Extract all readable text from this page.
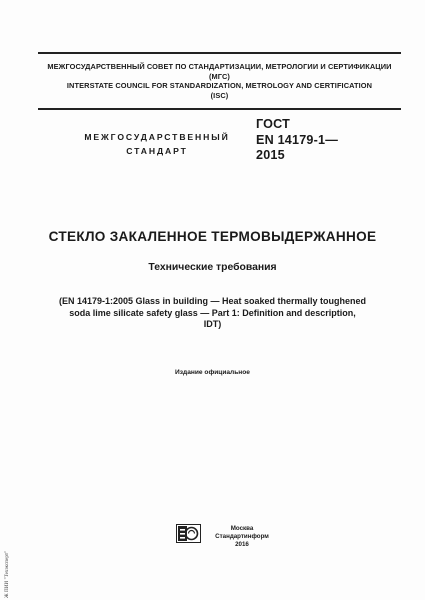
МЕЖГОСУДАРСТВЕННЫЙ СОВЕТ ПО СТАНДАРТИЗАЦИИ, МЕТРОЛОГИИ И СЕРТИФИКАЦИИ
(МГС)
INTERSTATE COUNCIL FOR STANDARDIZATION, METROLOGY AND CERTIFICATION
(ISC)
МЕЖГОСУДАРСТВЕННЫЙ
СТАНДАРТ
ГОСТ
EN 14179-1—
2015
СТЕКЛО ЗАКАЛЕННОЕ ТЕРМОВЫДЕРЖАННОЕ
Технические требования
(EN 14179-1:2005 Glass in building — Heat soaked thermally toughened
soda lime silicate safety glass — Part 1: Definition and description,
IDT)
Издание официальное
Москва
Стандартинформ
2016
Ж ПИИ "Техэксперт"
